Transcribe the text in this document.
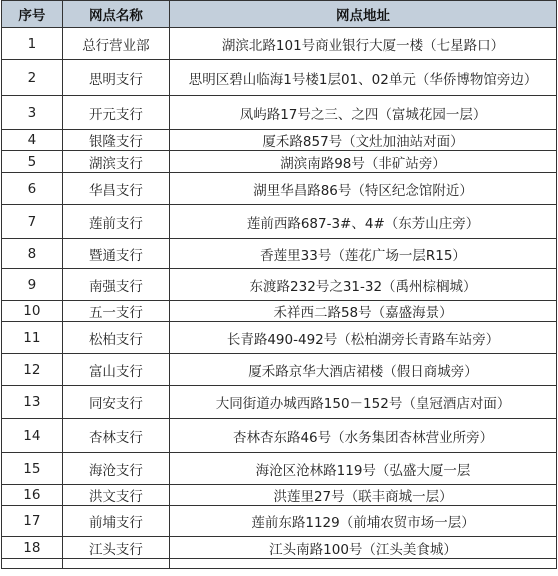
序号	网点名称	网点地址
1	总行营业部	湖滨北路101号商业银行大厦一楼（七星路口）
2	思明支行	思明区碧山临海1号楼1层01、02单元（华侨博物馆旁边）
3	开元支行	凤屿路17号之三、之四（富城花园一层）
4	银隆支行	厦禾路857号（文灶加油站对面）
5	湖滨支行	湖滨南路98号（非矿站旁）
6	华昌支行	湖里华昌路86号（特区纪念馆附近）
7	莲前支行	莲前西路687-3#、4#（东芳山庄旁）
8	暨通支行	香莲里33号（莲花广场一层R15）
9	南强支行	东渡路232号之31-32（禹州棕榈城）
10	五一支行	禾祥西二路58号（嘉盛海景）
11	松柏支行	长青路490-492号（松柏湖旁长青路车站旁）
12	富山支行	厦禾路京华大酒店裙楼（假日商城旁）
13	同安支行	大同街道办城西路150－152号（皇冠酒店对面）
14	杏林支行	杏林杏东路46号（水务集团杏林营业所旁）
15	海沧支行	海沧区沧林路119号（弘盛大厦一层
16	洪文支行	洪莲里27号（联丰商城一层）
17	前埔支行	莲前东路1129（前埔农贸市场一层）
18	江头支行	江头南路100号（江头美食城）
